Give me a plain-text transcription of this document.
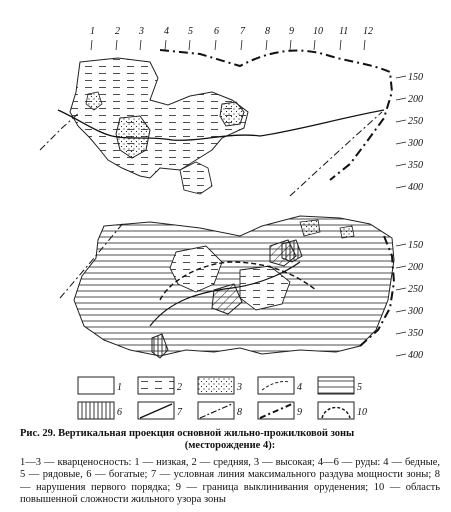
1 2 3 4 5 6 7 8 9 10 11 12
150
200
250
300
350
400
150
200
250
300
350
400
1	2	3	4	5
6	7	8	9	10
Рис. 29. Вертикальная проекция основной жильно-прожилковой зоны
(месторождение 4):
1—3 — кварценосность: 1 — низкая, 2 — средняя, 3 — высокая; 4—6 — руды: 4 — бедные, 5 — рядовые, 6 — богатые; 7 — условная линия максимального раздува мощности зоны; 8 — нарушения первого порядка; 9 — граница выклинивания оруденения; 10 — область повышенной сложности жильного узора зоны
